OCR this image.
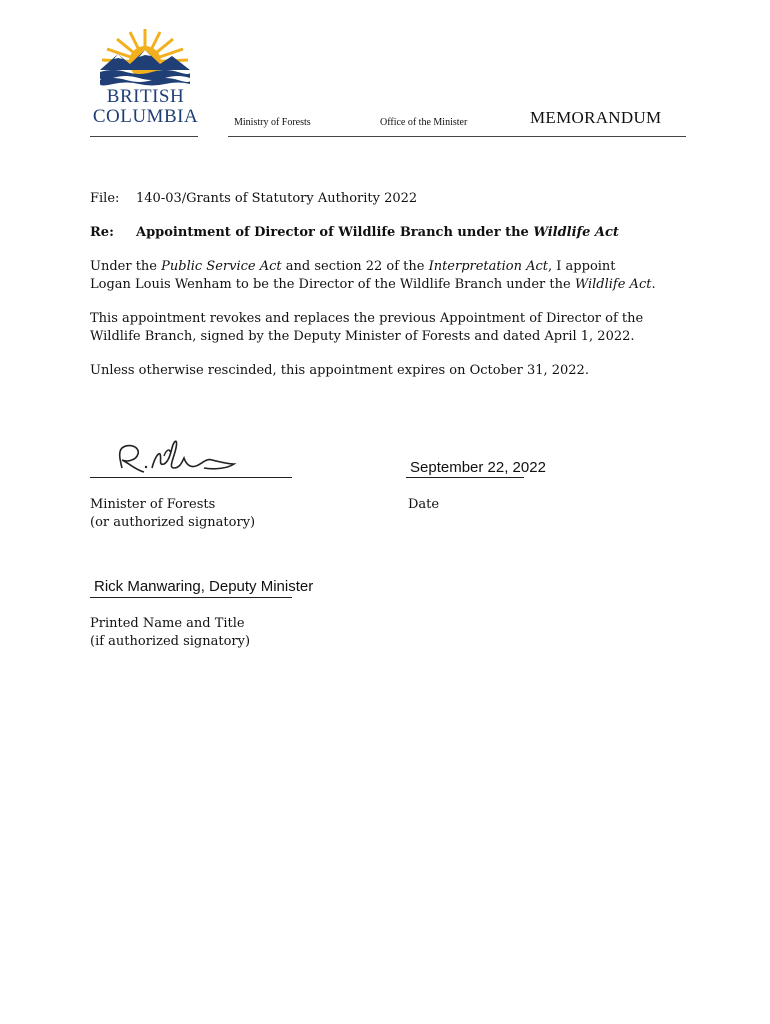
BRITISH
COLUMBIA	Ministry of Forests	Office of the Minister	MEMORANDUM
File: 140-03/Grants of Statutory Authority 2022
Re: Appointment of Director of Wildlife Branch under the Wildlife Act
Under the Public Service Act and section 22 of the Interpretation Act, I appoint
Logan Louis Wenham to be the Director of the Wildlife Branch under the Wildlife Act.
This appointment revokes and replaces the previous Appointment of Director of the
Wildlife Branch, signed by the Deputy Minister of Forests and dated April 1, 2022.
Unless otherwise rescinded, this appointment expires on October 31, 2022.
September 22, 2022
Minister of Forests
(or authorized signatory)
Date
Rick Manwaring, Deputy Minister
Printed Name and Title
(if authorized signatory)
